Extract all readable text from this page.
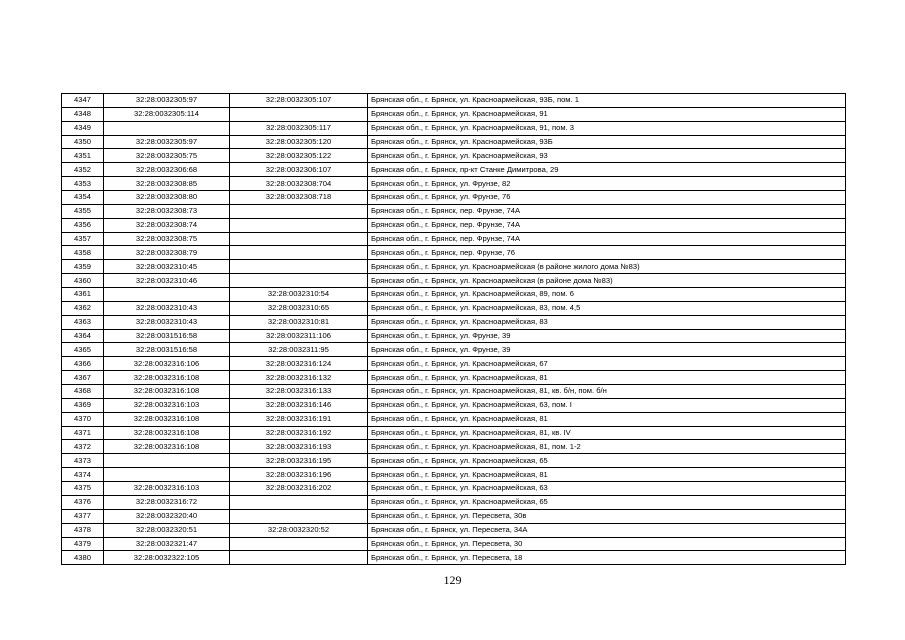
4347	32:28:0032305:97	32:28:0032305:107	Брянская обл., г. Брянск, ул. Красноармейская, 93Б, пом. 1
4348	32:28:0032305:114		Брянская обл., г. Брянск, ул. Красноармейская, 91
4349		32:28:0032305:117	Брянская обл., г. Брянск, ул. Красноармейская, 91, пом. 3
4350	32:28:0032305:97	32:28:0032305:120	Брянская обл., г. Брянск, ул. Красноармейская, 93Б
4351	32:28:0032305:75	32:28:0032305:122	Брянская обл., г. Брянск, ул. Красноармейская, 93
4352	32:28:0032306:68	32:28:0032306:107	Брянская обл., г. Брянск, пр-кт Станке Димитрова, 29
4353	32:28:0032308:85	32:28:0032308:704	Брянская обл., г. Брянск, ул. Фрунзе, 82
4354	32:28:0032308:80	32:28:0032308:718	Брянская обл., г. Брянск, ул. Фрунзе, 76
4355	32:28:0032308:73		Брянская обл., г. Брянск, пер. Фрунзе, 74А
4356	32:28:0032308:74		Брянская обл., г. Брянск, пер. Фрунзе, 74А
4357	32:28:0032308:75		Брянская обл., г. Брянск, пер. Фрунзе, 74А
4358	32:28:0032308:79		Брянская обл., г. Брянск, пер. Фрунзе, 76
4359	32:28:0032310:45		Брянская обл., г. Брянск, ул. Красноармейская (в районе жилого дома №83)
4360	32:28:0032310:46		Брянская обл., г. Брянск, ул. Красноармейская (в районе дома №83)
4361		32:28:0032310:54	Брянская обл., г. Брянск, ул. Красноармейская, 89, пом. 6
4362	32:28:0032310:43	32:28:0032310:65	Брянская обл., г. Брянск, ул. Красноармейская, 83, пом. 4,5
4363	32:28:0032310:43	32:28:0032310:81	Брянская обл., г. Брянск, ул. Красноармейская, 83
4364	32:28:0031516:58	32:28:0032311:106	Брянская обл., г. Брянск, ул. Фрунзе, 39
4365	32:28:0031516:58	32:28:0032311:95	Брянская обл., г. Брянск, ул. Фрунзе, 39
4366	32:28:0032316:106	32:28:0032316:124	Брянская обл., г. Брянск, ул. Красноармейская, 67
4367	32:28:0032316:108	32:28:0032316:132	Брянская обл., г. Брянск, ул. Красноармейская, 81
4368	32:28:0032316:108	32:28:0032316:133	Брянская обл., г. Брянск, ул. Красноармейская, 81, кв. б/н, пом. б/н
4369	32:28:0032316:103	32:28:0032316:146	Брянская обл., г. Брянск, ул. Красноармейская, 63, пом. I
4370	32:28:0032316:108	32:28:0032316:191	Брянская обл., г. Брянск, ул. Красноармейская, 81
4371	32:28:0032316:108	32:28:0032316:192	Брянская обл., г. Брянск, ул. Красноармейская, 81, кв. IV
4372	32:28:0032316:108	32:28:0032316:193	Брянская обл., г. Брянск, ул. Красноармейская, 81, пом. 1-2
4373		32:28:0032316:195	Брянская обл., г. Брянск, ул. Красноармейская, 65
4374		32:28:0032316:196	Брянская обл., г. Брянск, ул. Красноармейская, 81
4375	32:28:0032316:103	32:28:0032316:202	Брянская обл., г. Брянск, ул. Красноармейская, 63
4376	32:28:0032316:72		Брянская обл., г. Брянск, ул. Красноармейская, 65
4377	32:28:0032320:40		Брянская обл., г. Брянск, ул. Пересвета, 30в
4378	32:28:0032320:51	32:28:0032320:52	Брянская обл., г. Брянск, ул. Пересвета, 34А
4379	32:28:0032321:47		Брянская обл., г. Брянск, ул. Пересвета, 30
4380	32:28:0032322:105		Брянская обл., г. Брянск, ул. Пересвета, 18
129
